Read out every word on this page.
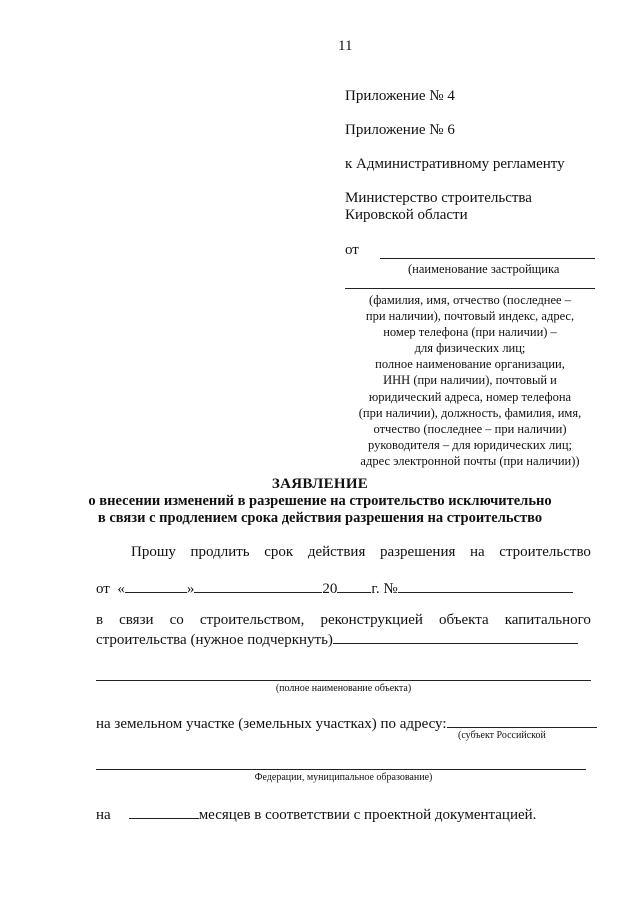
11
Приложение № 4
Приложение № 6
к Административному регламенту
Министерство строительства
Кировской области
от
(наименование застройщика
(фамилия, имя, отчество (последнее –
при наличии), почтовый индекс, адрес,
номер телефона (при наличии) –
для физических лиц;
полное наименование организации,
ИНН (при наличии), почтовый и
юридический адреса, номер телефона
(при наличии), должность, фамилия, имя,
отчество (последнее – при наличии)
руководителя – для юридических лиц;
адрес электронной почты (при наличии))
ЗАЯВЛЕНИЕ
о внесении изменений в разрешение на строительство исключительно
в связи с продлением срока действия разрешения на строительство
Прошу продлить срок действия разрешения на строительство
от «	»	20 г. №
в связи со строительством, реконструкцией объекта капитального
строительства (нужное подчеркнуть)
(полное наименование объекта)
на земельном участке (земельных участках) по адресу:
(субъект Российской
Федерации, муниципальное образование)
на	месяцев в соответствии с проектной документацией.
